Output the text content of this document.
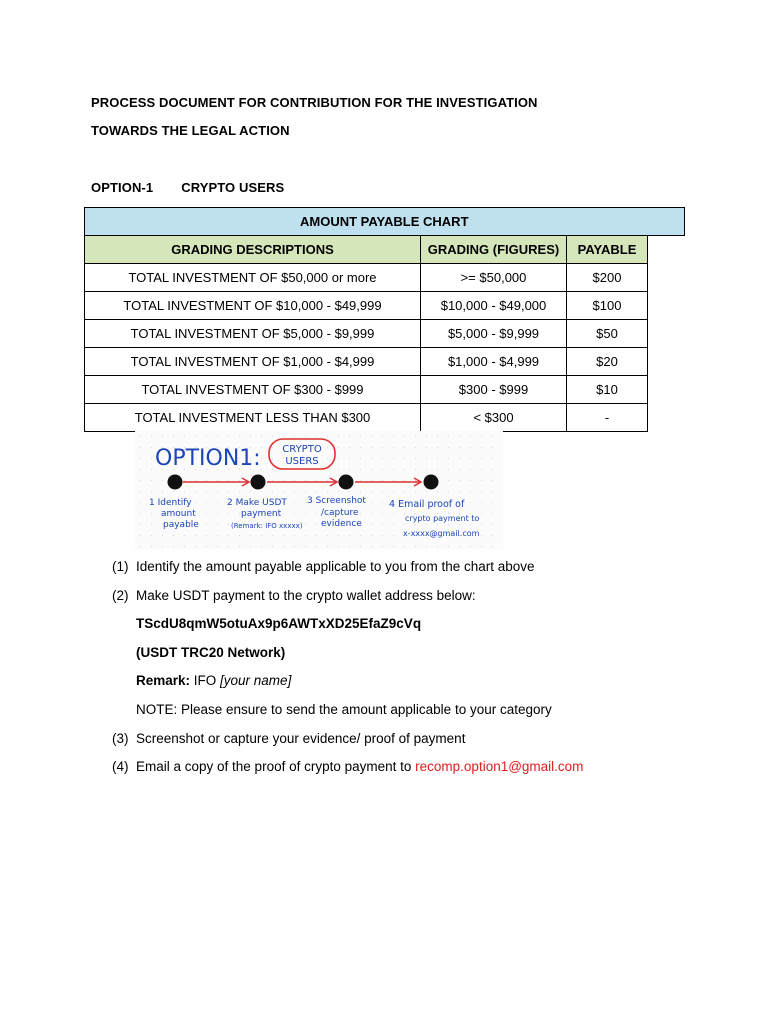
PROCESS DOCUMENT FOR CONTRIBUTION FOR THE INVESTIGATION
TOWARDS THE LEGAL ACTION
OPTION-1 CRYPTO USERS
AMOUNT PAYABLE CHART			
GRADING DESCRIPTIONS	GRADING (FIGURES)	PAYABLE	
TOTAL INVESTMENT OF $50,000 or more	>= $50,000	$200	
TOTAL INVESTMENT OF $10,000 - $49,999	$10,000 - $49,000	$100	
TOTAL INVESTMENT OF $5,000 - $9,999	$5,000 - $9,999	$50	
TOTAL INVESTMENT OF $1,000 - $4,999	$1,000 - $4,999	$20	
TOTAL INVESTMENT OF $300 - $999	$300 - $999	$10	
TOTAL INVESTMENT LESS THAN $300	< $300	-	
OPTION1: CRYPTO
USERS
1 Identify
amount
payable
2 Make USDT
payment
(Remark: IFO xxxxx)
3 Screenshot
/capture
evidence
4 Email proof of
crypto payment to
x-xxxx@gmail.com
(1) Identify the amount payable applicable to you from the chart above
(2) Make USDT payment to the crypto wallet address below:
TScdU8qmW5otuAx9p6AWTxXD25EfaZ9cVq
(USDT TRC20 Network)
Remark: IFO [your name]
NOTE: Please ensure to send the amount applicable to your category
(3) Screenshot or capture your evidence/ proof of payment
(4) Email a copy of the proof of crypto payment to recomp.option1@gmail.com
